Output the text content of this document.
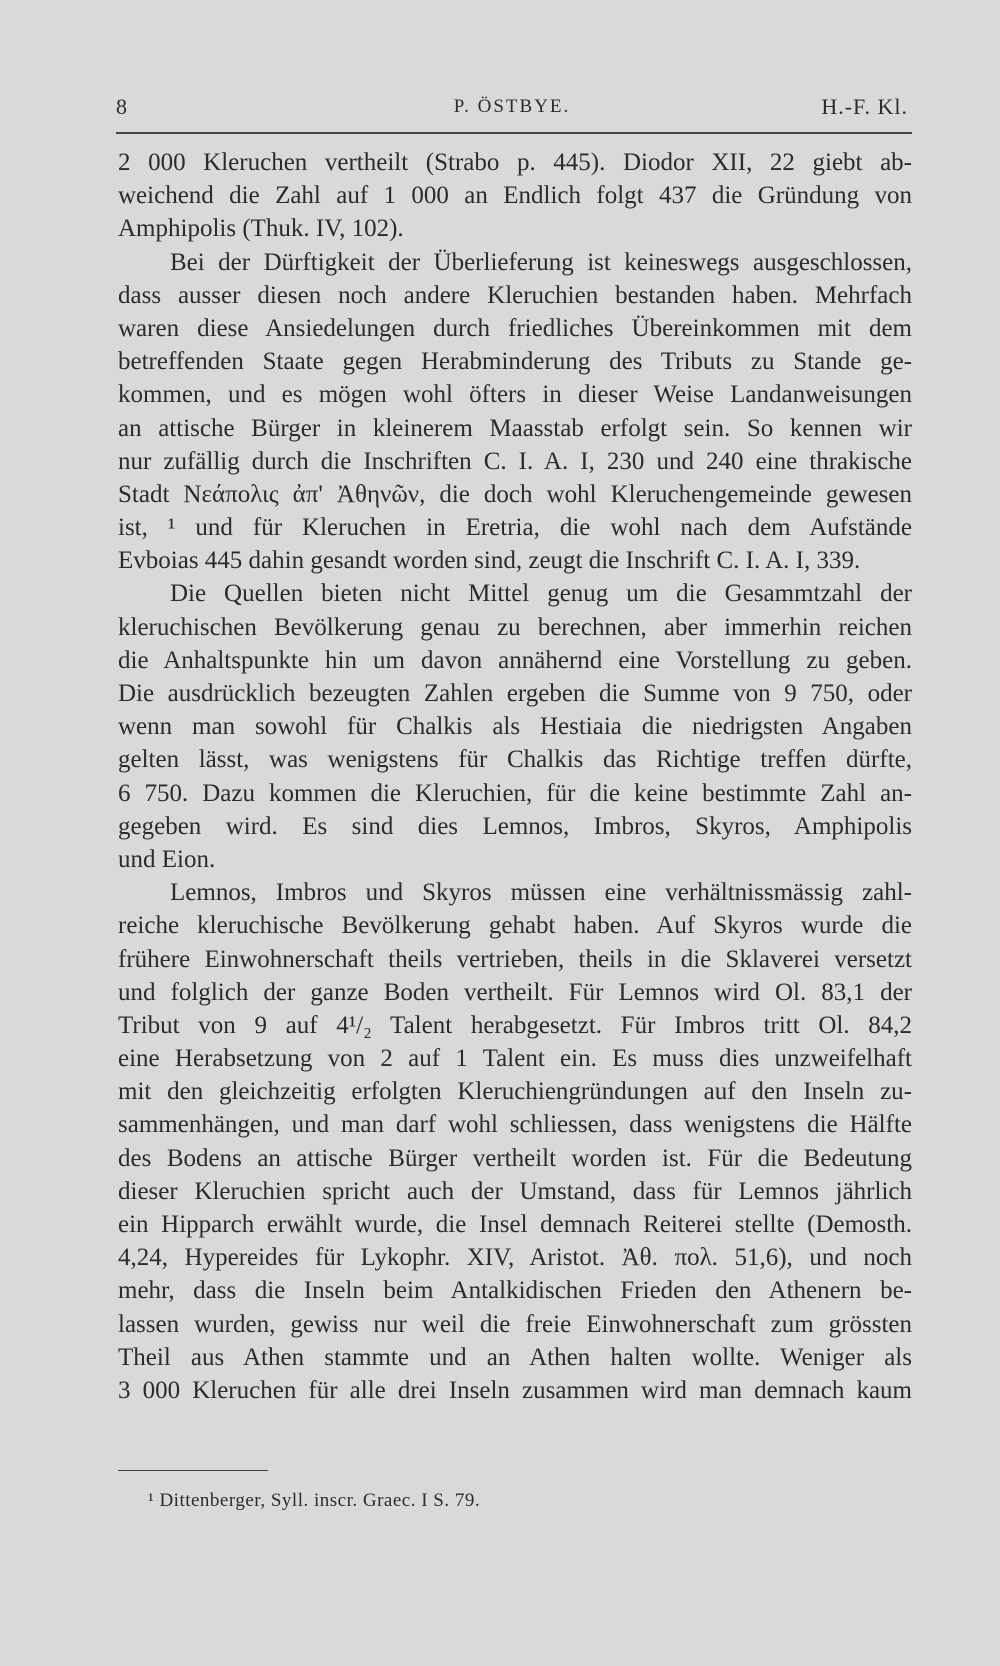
8	P. ÖSTBYE.	H.-F. Kl.
2 000 Kleruchen vertheilt (Strabo p. 445). Diodor XII, 22 giebt ab-
weichend die Zahl auf 1 000 an Endlich folgt 437 die Gründung von
Amphipolis (Thuk. IV, 102).
Bei der Dürftigkeit der Überlieferung ist keineswegs ausgeschlossen,
dass ausser diesen noch andere Kleruchien bestanden haben. Mehrfach
waren diese Ansiedelungen durch friedliches Übereinkommen mit dem
betreffenden Staate gegen Herabminderung des Tributs zu Stande ge-
kommen, und es mögen wohl öfters in dieser Weise Landanweisungen
an attische Bürger in kleinerem Maasstab erfolgt sein. So kennen wir
nur zufällig durch die Inschriften C. I. A. I, 230 und 240 eine thrakische
Stadt Νεάπολις ἀπ' Ἀθηνῶν, die doch wohl Kleruchengemeinde gewesen
ist, ¹ und für Kleruchen in Eretria, die wohl nach dem Aufstände
Evboias 445 dahin gesandt worden sind, zeugt die Inschrift C. I. A. I, 339.
Die Quellen bieten nicht Mittel genug um die Gesammtzahl der
kleruchischen Bevölkerung genau zu berechnen, aber immerhin reichen
die Anhaltspunkte hin um davon annähernd eine Vorstellung zu geben.
Die ausdrücklich bezeugten Zahlen ergeben die Summe von 9 750, oder
wenn man sowohl für Chalkis als Hestiaia die niedrigsten Angaben
gelten lässt, was wenigstens für Chalkis das Richtige treffen dürfte,
6 750. Dazu kommen die Kleruchien, für die keine bestimmte Zahl an-
gegeben wird. Es sind dies Lemnos, Imbros, Skyros, Amphipolis
und Eion.
Lemnos, Imbros und Skyros müssen eine verhältnissmässig zahl-
reiche kleruchische Bevölkerung gehabt haben. Auf Skyros wurde die
frühere Einwohnerschaft theils vertrieben, theils in die Sklaverei versetzt
und folglich der ganze Boden vertheilt. Für Lemnos wird Ol. 83,1 der
Tribut von 9 auf 4¹/₂ Talent herabgesetzt. Für Imbros tritt Ol. 84,2
eine Herabsetzung von 2 auf 1 Talent ein. Es muss dies unzweifelhaft
mit den gleichzeitig erfolgten Kleruchiengründungen auf den Inseln zu-
sammenhängen, und man darf wohl schliessen, dass wenigstens die Hälfte
des Bodens an attische Bürger vertheilt worden ist. Für die Bedeutung
dieser Kleruchien spricht auch der Umstand, dass für Lemnos jährlich
ein Hipparch erwählt wurde, die Insel demnach Reiterei stellte (Demosth.
4,24, Hypereides für Lykophr. XIV, Aristot. Ἀθ. πολ. 51,6), und noch
mehr, dass die Inseln beim Antalkidischen Frieden den Athenern be-
lassen wurden, gewiss nur weil die freie Einwohnerschaft zum grössten
Theil aus Athen stammte und an Athen halten wollte. Weniger als
3 000 Kleruchen für alle drei Inseln zusammen wird man demnach kaum
¹ Dittenberger, Syll. inscr. Graec. I S. 79.
